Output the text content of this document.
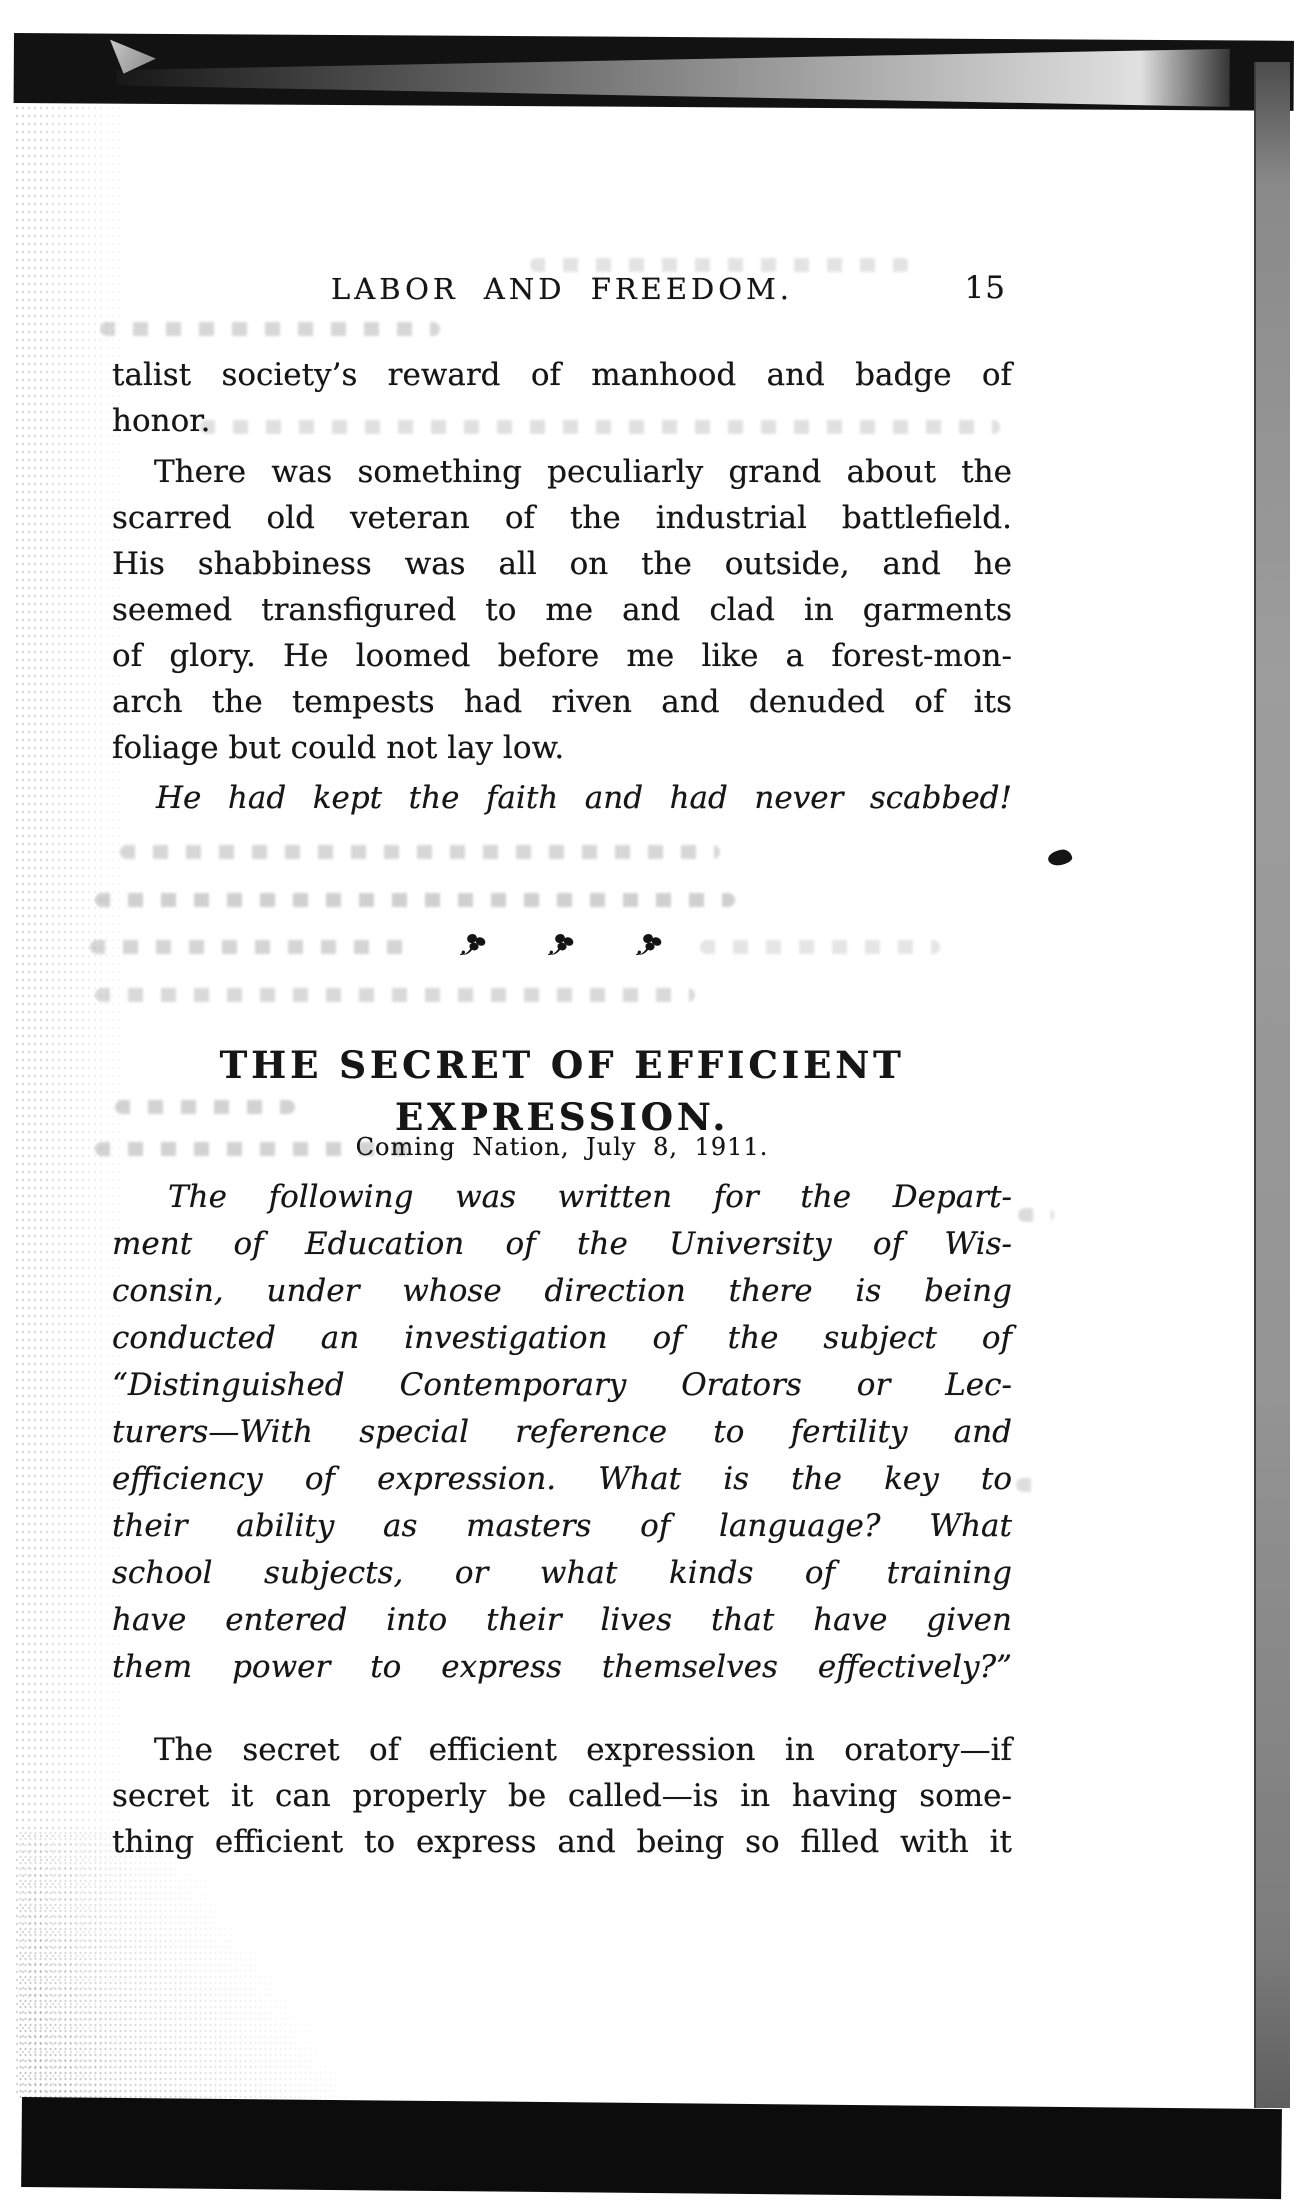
LABOR AND FREEDOM.	15
talist society’s reward of manhood and badge of
honor.
There was something peculiarly grand about the
scarred old veteran of the industrial battlefield.
His shabbiness was all on the outside, and he
seemed transfigured to me and clad in garments
of glory. He loomed before me like a forest-mon-
arch the tempests had riven and denuded of its
foliage but could not lay low.
He had kept the faith and had never scabbed!
THE SECRET OF EFFICIENT EXPRESSION.
Coming Nation, July 8, 1911.
The following was written for the Depart-
ment of Education of the University of Wis-
consin, under whose direction there is being
conducted an investigation of the subject of
“Distinguished Contemporary Orators or Lec-
turers—With special reference to fertility and
efficiency of expression. What is the key to
their ability as masters of language? What
school subjects, or what kinds of training
have entered into their lives that have given
them power to express themselves effectively?”
The secret of efficient expression in oratory—if
secret it can properly be called—is in having some-
thing efficient to express and being so filled with it
